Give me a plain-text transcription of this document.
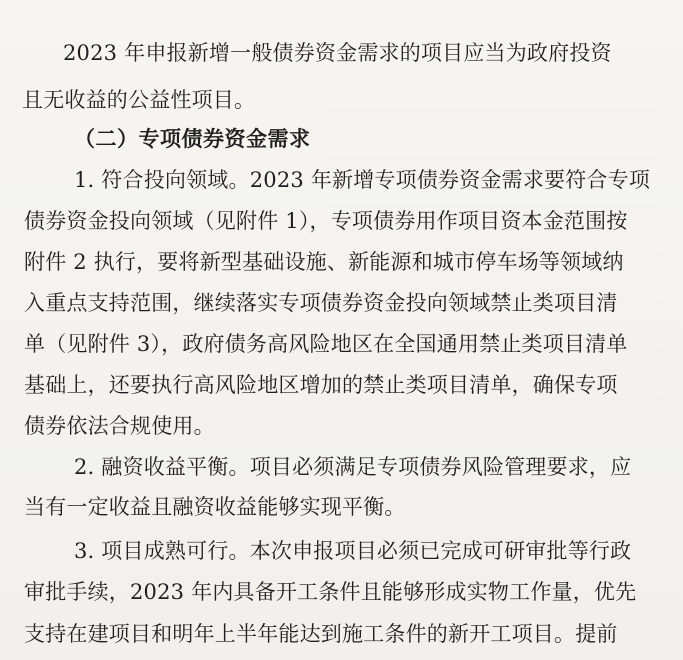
2023 年申报新增一般债券资金需求的项目应当为政府投资
且无收益的公益性项目。
（二）专项债券资金需求
1. 符合投向领域。2023 年新增专项债券资金需求要符合专项
债券资金投向领域（见附件 1），专项债券用作项目资本金范围按
附件 2 执行，要将新型基础设施、新能源和城市停车场等领域纳
入重点支持范围，继续落实专项债券资金投向领域禁止类项目清
单（见附件 3），政府债务高风险地区在全国通用禁止类项目清单
基础上，还要执行高风险地区增加的禁止类项目清单，确保专项
债券依法合规使用。
2. 融资收益平衡。项目必须满足专项债券风险管理要求，应
当有一定收益且融资收益能够实现平衡。
3. 项目成熟可行。本次申报项目必须已完成可研审批等行政
审批手续，2023 年内具备开工条件且能够形成实物工作量，优先
支持在建项目和明年上半年能达到施工条件的新开工项目。提前
